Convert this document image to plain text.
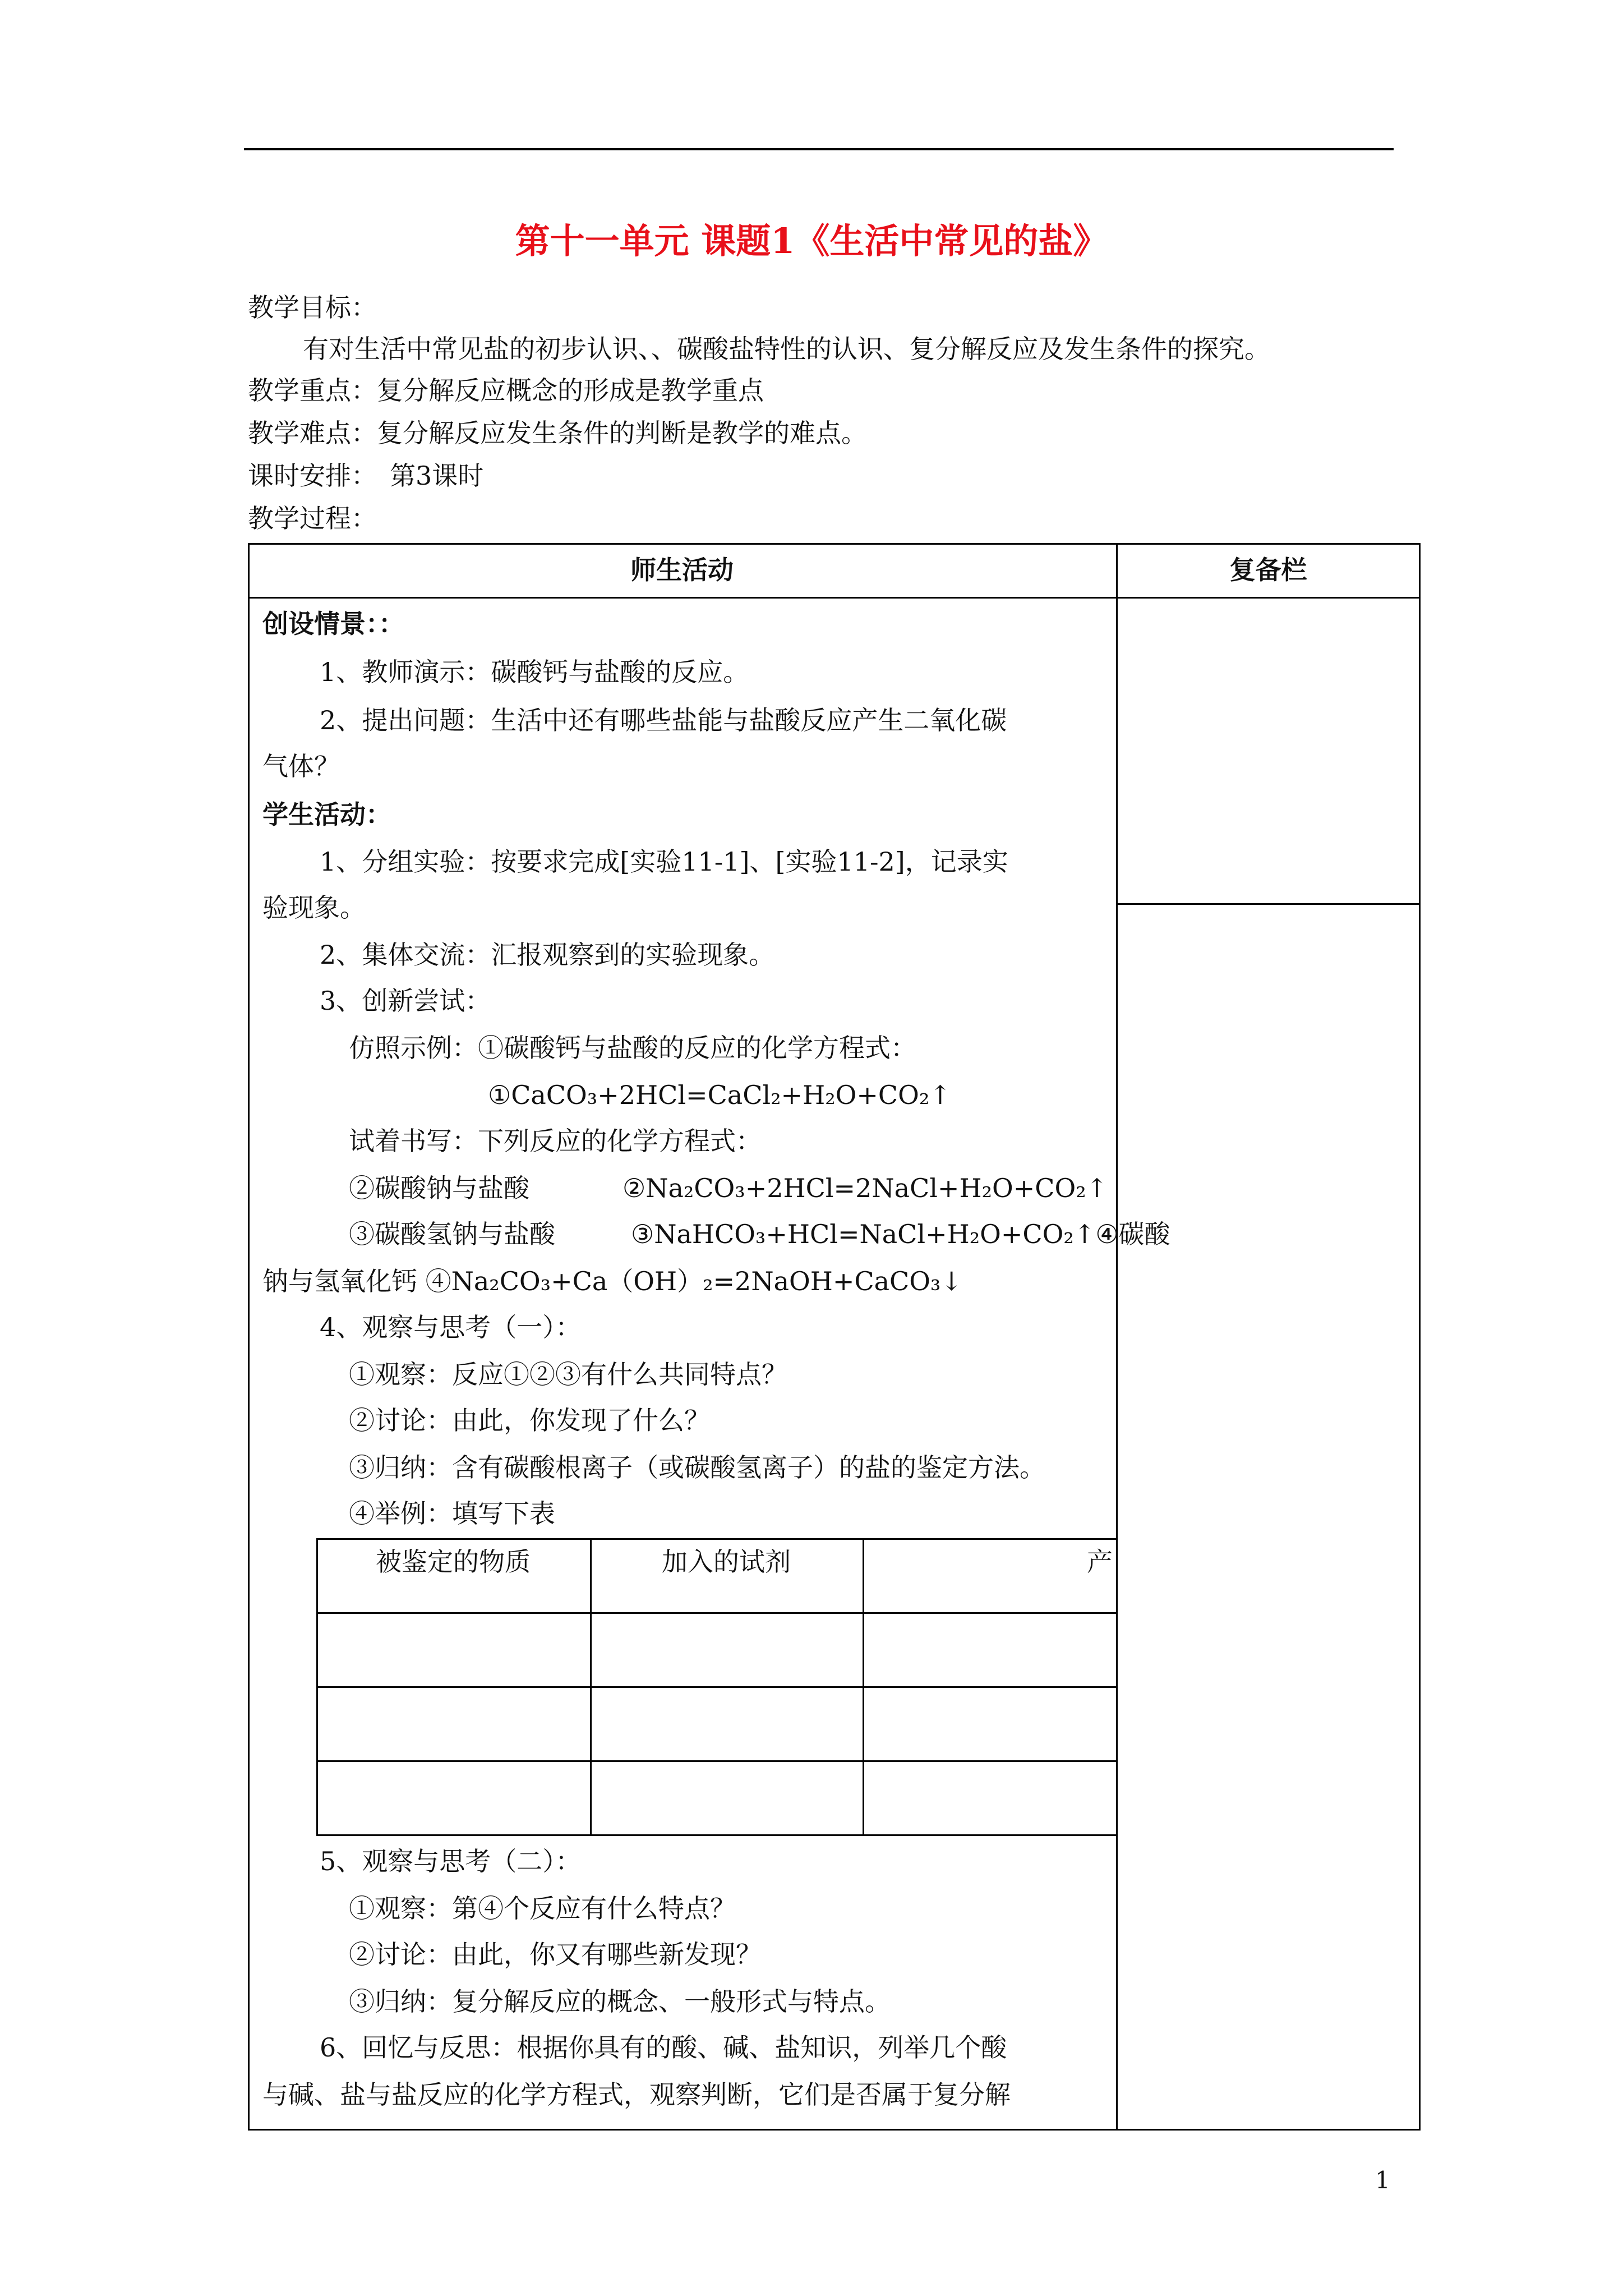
第十一单元 课题1《生活中常见的盐》
教学目标：
有对生活中常见盐的初步认识、、碳酸盐特性的认识、复分解反应及发生条件的探究。
教学重点：复分解反应概念的形成是教学重点
教学难点：复分解反应发生条件的判断是教学的难点。
课时安排：　第3课时
教学过程：
师生活动	复备栏
创设情景：：
1、教师演示：碳酸钙与盐酸的反应。
2、提出问题：生活中还有哪些盐能与盐酸反应产生二氧化碳
气体？
学生活动：
1、分组实验：按要求完成[实验11-1]、[实验11-2]，记录实
验现象。
2、集体交流：汇报观察到的实验现象。
3、创新尝试：
仿照示例：①碳酸钙与盐酸的反应的化学方程式：
①CaCO₃+2HCl=CaCl₂+H₂O+CO₂↑
试着书写：下列反应的化学方程式：
②碳酸钠与盐酸	②Na₂CO₃+2HCl=2NaCl+H₂O+CO₂↑
③碳酸氢钠与盐酸	③NaHCO₃+HCl=NaCl+H₂O+CO₂↑④碳酸
钠与氢氧化钙 ④Na₂CO₃+Ca（OH）₂=2NaOH+CaCO₃↓
4、观察与思考（一）：
①观察：反应①②③有什么共同特点？
②讨论：由此，你发现了什么？
③归纳：含有碳酸根离子（或碳酸氢离子）的盐的鉴定方法。
④举例：填写下表
被鉴定的物质	加入的试剂	产
5、观察与思考（二）：
①观察：第④个反应有什么特点？
②讨论：由此，你又有哪些新发现？
③归纳：复分解反应的概念、一般形式与特点。
6、回忆与反思：根据你具有的酸、碱、盐知识，列举几个酸
与碱、盐与盐反应的化学方程式，观察判断，它们是否属于复分解
1
